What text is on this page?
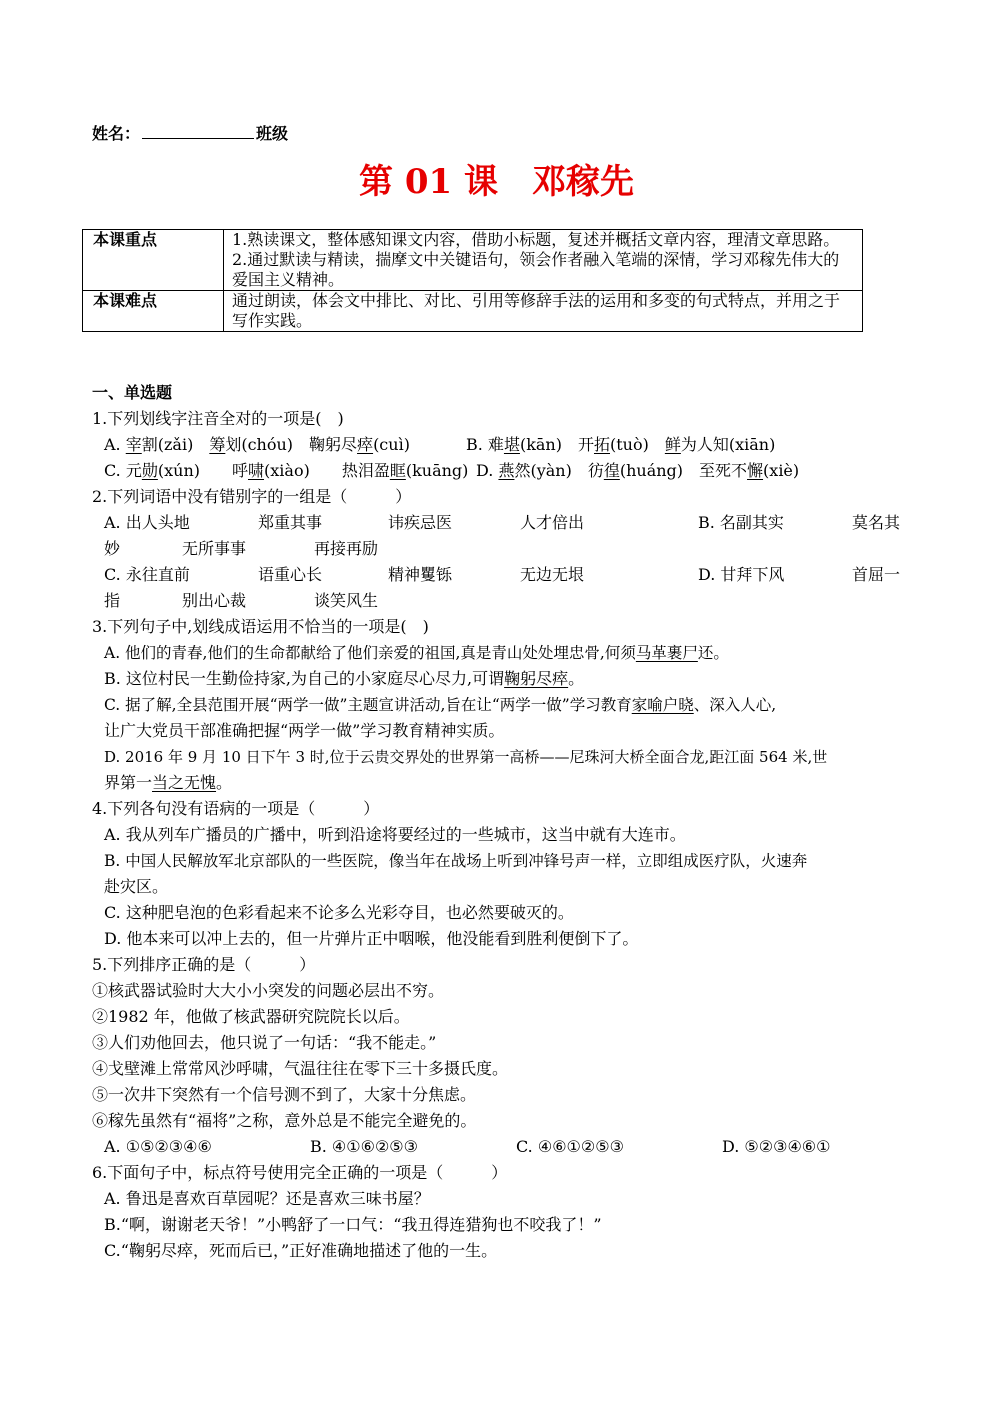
姓名：	班级
第 01 课　邓稼先
本课重点	1.熟读课文，整体感知课文内容，借助小标题，复述并概括文章内容，理清文章思路。
2.通过默读与精读，揣摩文中关键语句，领会作者融入笔端的深情，学习邓稼先伟大的爱国主义精神。

本课难点	通过朗读，体会文中排比、对比、引用等修辞手法的运用和多变的句式特点，并用之于写作实践。
一、单选题
1.下列划线字注音全对的一项是(　)
A. 宰割(zǎi)　筹划(chóu)　鞠躬尽瘁(cuì)	B. 难堪(kān)　开拓(tuò)　鲜为人知(xiān)
C. 元勋(xún)　　呼啸(xiào)　　热泪盈眶(kuāng) D. 燕然(yàn)　彷徨(huáng)　至死不懈(xiè)
2.下列词语中没有错别字的一组是（　　　）
A. 出人头地	郑重其事	讳疾忌医	人才倍出	B. 名副其实	莫名其
妙	无所事事	再接再励
C. 永往直前	语重心长	精神矍铄	无边无垠	D. 甘拜下风	首屈一
指	别出心裁	谈笑风生
3.下列句子中,划线成语运用不恰当的一项是(　)
A. 他们的青春,他们的生命都献给了他们亲爱的祖国,真是青山处处埋忠骨,何须马革裹尸还。
B. 这位村民一生勤俭持家,为自己的小家庭尽心尽力,可谓鞠躬尽瘁。
C. 据了解,全县范围开展“两学一做”主题宣讲活动,旨在让“两学一做”学习教育家喻户晓、深入人心,
让广大党员干部准确把握“两学一做”学习教育精神实质。
D. 2016 年 9 月 10 日下午 3 时,位于云贵交界处的世界第一高桥——尼珠河大桥全面合龙,距江面 564 米,世
界第一当之无愧。
4.下列各句没有语病的一项是（　　　）
A. 我从列车广播员的广播中，听到沿途将要经过的一些城市，这当中就有大连市。
B. 中国人民解放军北京部队的一些医院，像当年在战场上听到冲锋号声一样，立即组成医疗队，火速奔
赴灾区。
C. 这种肥皂泡的色彩看起来不论多么光彩夺目，也必然要破灭的。
D. 他本来可以冲上去的，但一片弹片正中咽喉，他没能看到胜利便倒下了。
5.下列排序正确的是（　　　）
①核武器试验时大大小小突发的问题必层出不穷。
②1982 年，他做了核武器研究院院长以后。
③人们劝他回去，他只说了一句话：“我不能走。”
④戈壁滩上常常风沙呼啸，气温往往在零下三十多摄氏度。
⑤一次井下突然有一个信号测不到了，大家十分焦虑。
⑥稼先虽然有“福将”之称，意外总是不能完全避免的。
A. ①⑤②③④⑥	B. ④①⑥②⑤③	C. ④⑥①②⑤③	D. ⑤②③④⑥①
6.下面句子中，标点符号使用完全正确的一项是（　　　）
A. 鲁迅是喜欢百草园呢？还是喜欢三味书屋？
B.“啊，谢谢老天爷！”小鸭舒了一口气：“我丑得连猎狗也不咬我了！”
C.“鞠躬尽瘁，死而后已，”正好准确地描述了他的一生。
